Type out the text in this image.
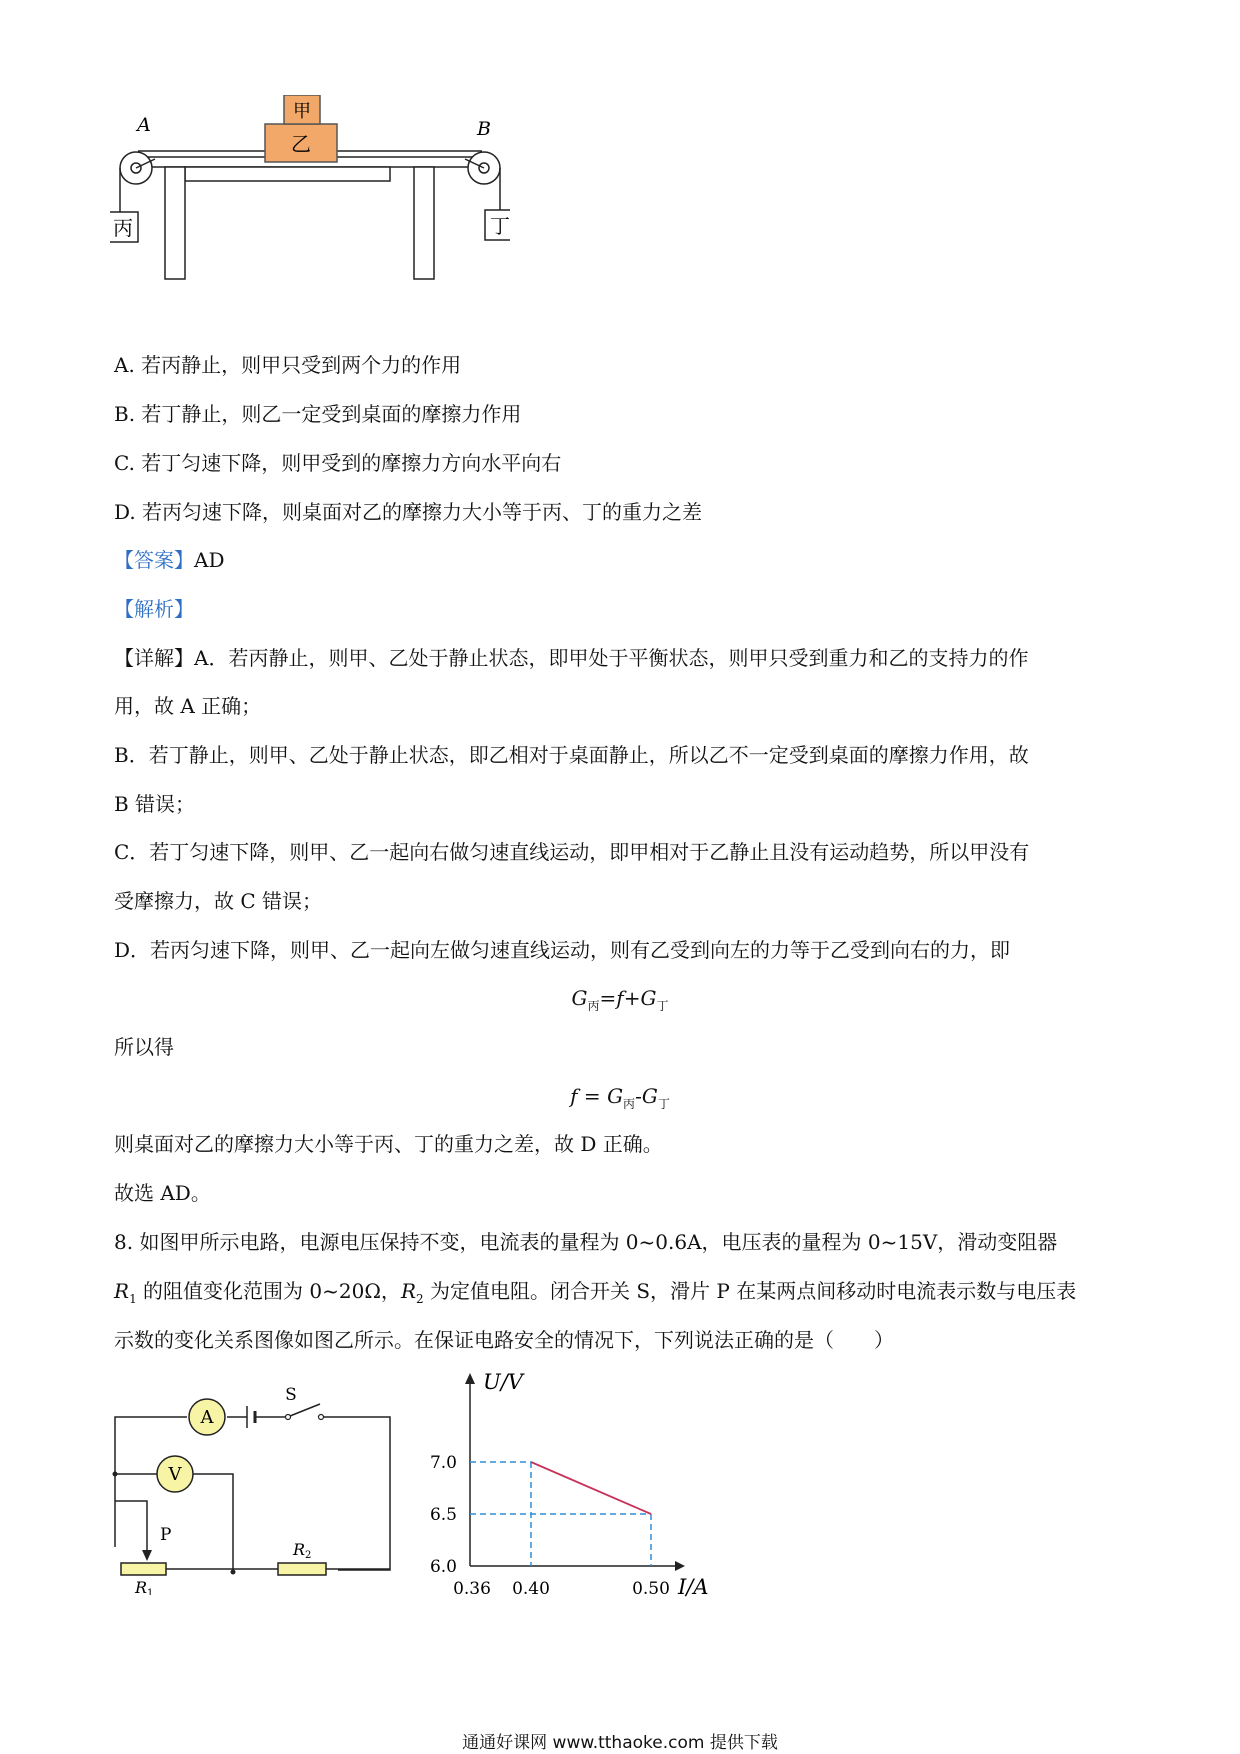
丙	丁
乙
甲
A	B
A. 若丙静止，则甲只受到两个力的作用
B. 若丁静止，则乙一定受到桌面的摩擦力作用
C. 若丁匀速下降，则甲受到的摩擦力方向水平向右
D. 若丙匀速下降，则桌面对乙的摩擦力大小等于丙、丁的重力之差
【答案】AD
【解析】
【详解】A．若丙静止，则甲、乙处于静止状态，即甲处于平衡状态，则甲只受到重力和乙的支持力的作
用，故 A 正确；
B．若丁静止，则甲、乙处于静止状态，即乙相对于桌面静止，所以乙不一定受到桌面的摩擦力作用，故
B 错误；
C．若丁匀速下降，则甲、乙一起向右做匀速直线运动，即甲相对于乙静止且没有运动趋势，所以甲没有
受摩擦力，故 C 错误；
D．若丙匀速下降，则甲、乙一起向左做匀速直线运动，则有乙受到向左的力等于乙受到向右的力，即
$G_丙=f+G_丁$
所以得
$f = G_丙-G_丁$
则桌面对乙的摩擦力大小等于丙、丁的重力之差，故 D 正确。
故选 AD。
8. 如图甲所示电路，电源电压保持不变，电流表的量程为 0~0.6A，电压表的量程为 0~15V，滑动变阻器
$R_1$ 的阻值变化范围为 0~20Ω，$R_2$ 为定值电阻。闭合开关 S，滑片 P 在某两点间移动时电流表示数与电压表
示数的变化关系图像如图乙所示。在保证电路安全的情况下，下列说法正确的是（　　）
S
A
V
P
R1
R2
U/V
I/A
6.0
6.5
7.0
0.36 0.40	0.50
通通好课网 www.tthaoke.com 提供下载
